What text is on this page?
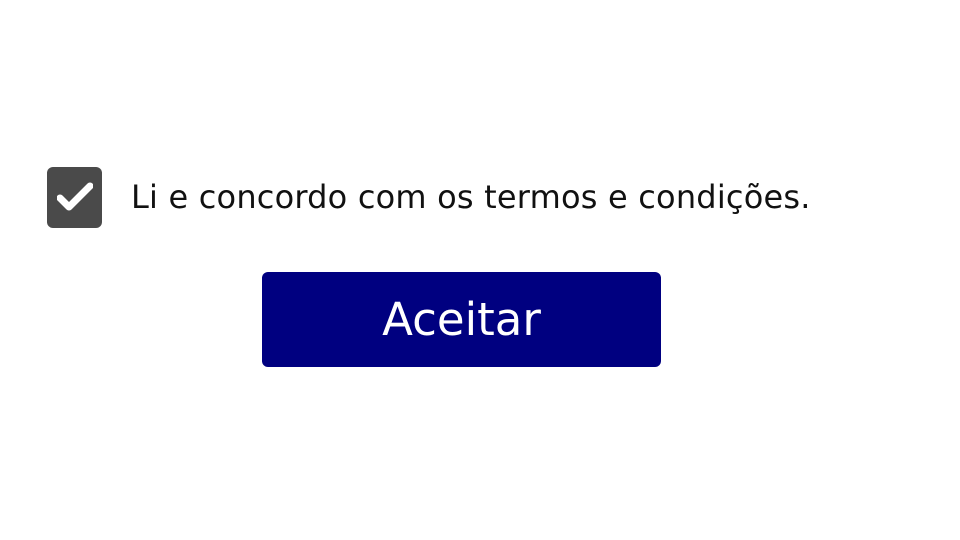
Li e concordo com os termos e condições.
Aceitar
